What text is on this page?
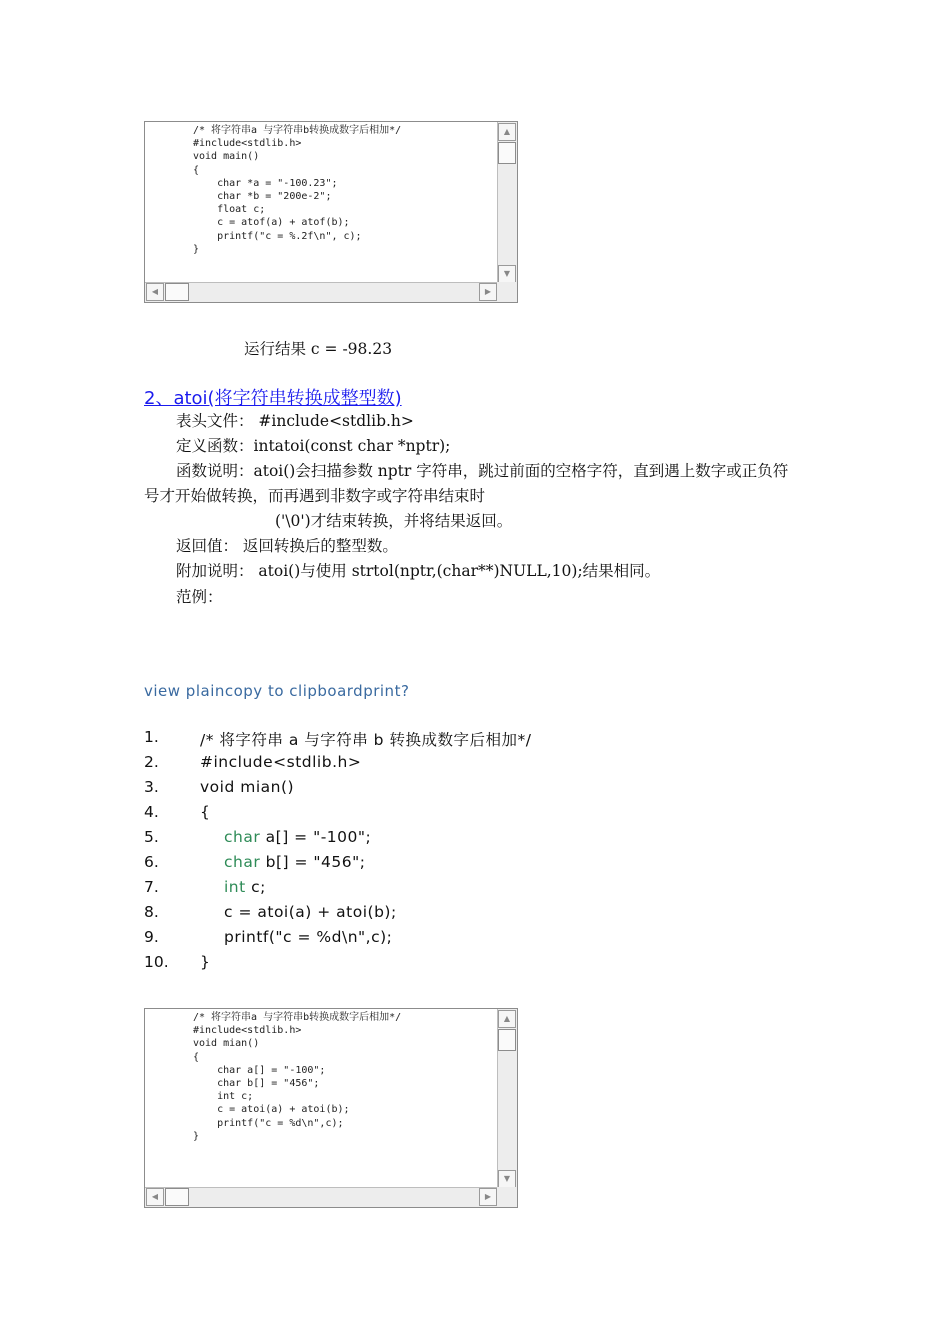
/* 将字符串a 与字符串b转换成数字后相加*/
#include<stdlib.h>
void main()
{
char *a = "-100.23";
char *b = "200e-2";
float c;
c = atof(a) + atof(b);
printf("c = %.2f\n", c);
}
▲
▼
◀	▶
运行结果 c = -98.23
2、atoi(将字符串转换成整型数)
表头文件： #include<stdlib.h>
定义函数：intatoi(const char *nptr);
函数说明：atoi()会扫描参数 nptr 字符串，跳过前面的空格字符，直到遇上数字或正负符
号才开始做转换，而再遇到非数字或字符串结束时
('\0')才结束转换，并将结果返回。
返回值： 返回转换后的整型数。
附加说明： atoi()与使用 strtol(nptr,(char**)NULL,10);结果相同。
范例：
view plaincopy to clipboardprint?
1.	/* 将字符串 a 与字符串 b 转换成数字后相加*/
2.	#include<stdlib.h>
3.	void mian()
4.	{
5.	char a[] = "-100";
6.	char b[] = "456";
7.	int c;
8.	c = atoi(a) + atoi(b);
9.	printf("c = %d\n",c);
10. }
/* 将字符串a 与字符串b转换成数字后相加*/
#include<stdlib.h>
void mian()
{
char a[] = "-100";
char b[] = "456";
int c;
c = atoi(a) + atoi(b);
printf("c = %d\n",c);
}
▲
▼
◀	▶
